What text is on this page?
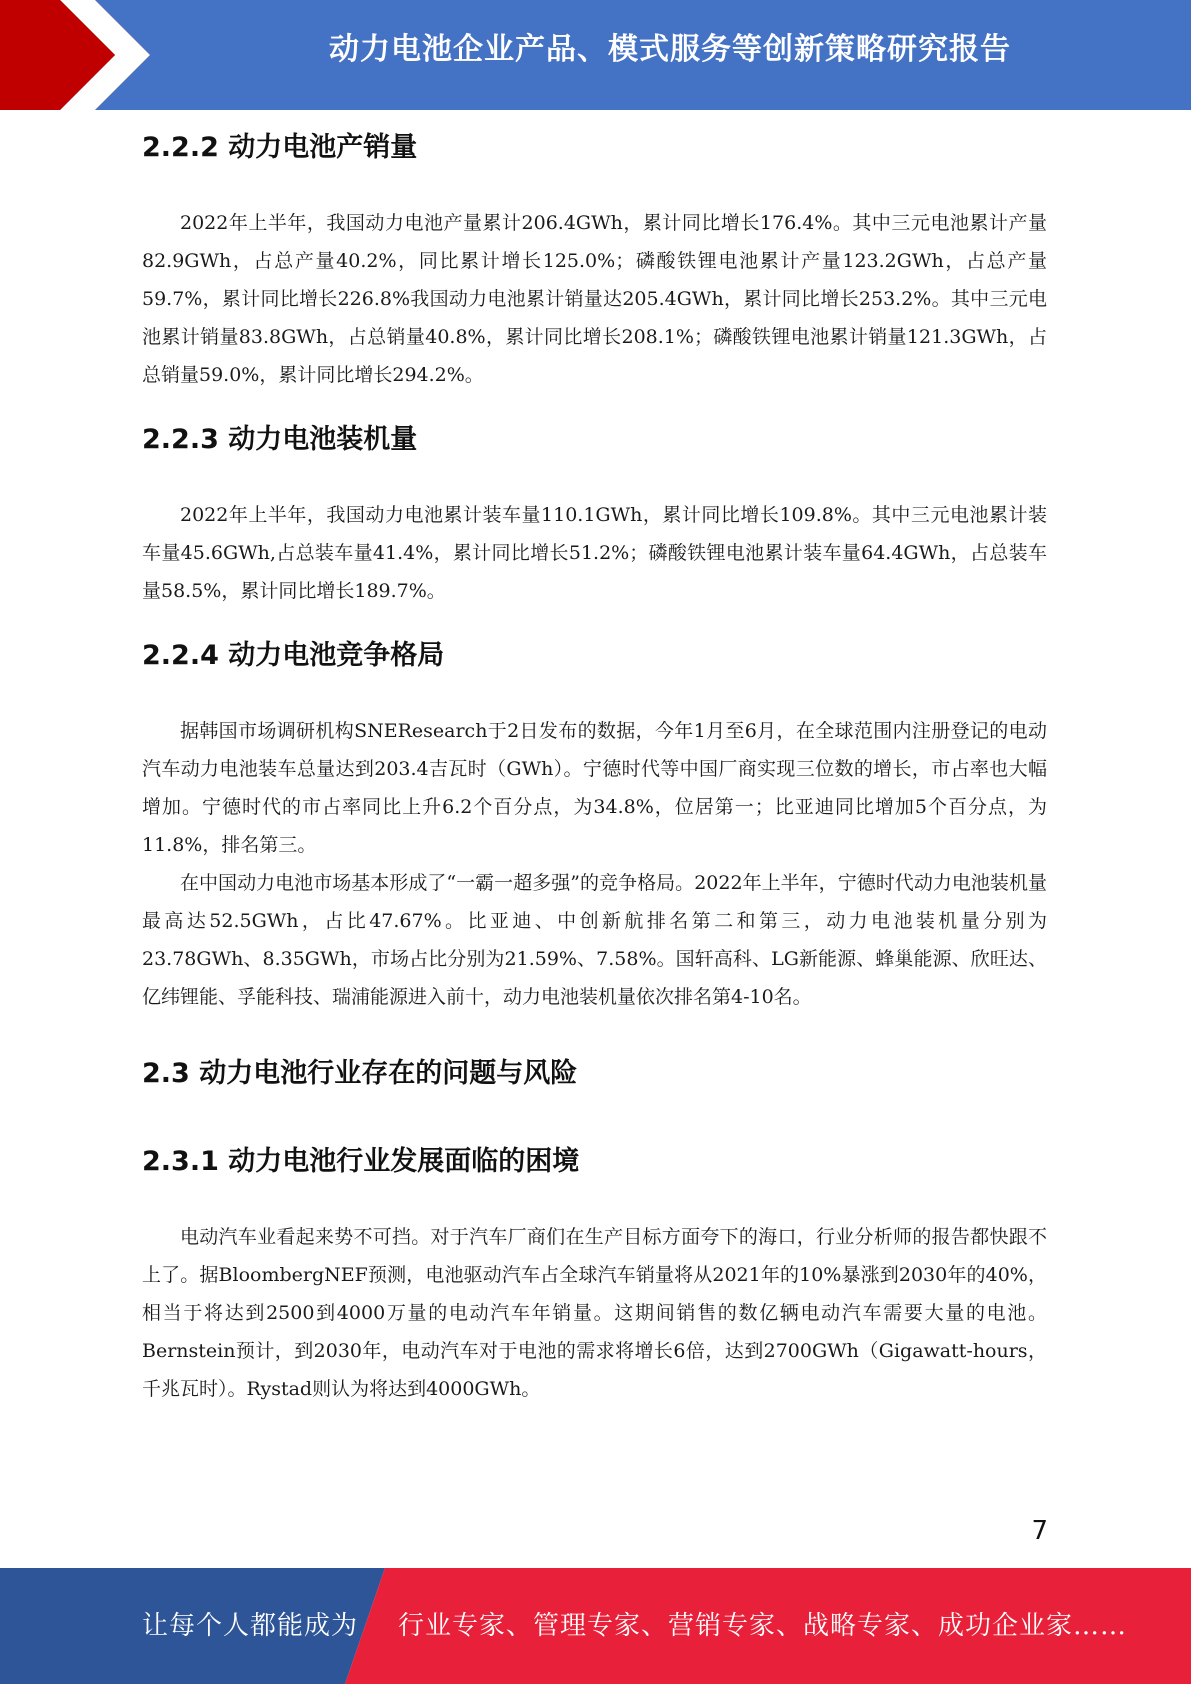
动力电池企业产品、模式服务等创新策略研究报告
2.2.2 动力电池产销量

2022年上半年，我国动力电池产量累计206.4GWh，累计同比增长176.4%。其中三元电池累计产量82.9GWh，占总产量40.2%，同比累计增长125.0%；磷酸铁锂电池累计产量123.2GWh，占总产量59.7%，累计同比增长226.8%我国动力电池累计销量达205.4GWh，累计同比增长253.2%。其中三元电池累计销量83.8GWh，占总销量40.8%，累计同比增长208.1%；磷酸铁锂电池累计销量121.3GWh，占总销量59.0%，累计同比增长294.2%。

2.2.3 动力电池装机量

2022年上半年，我国动力电池累计装车量110.1GWh，累计同比增长109.8%。其中三元电池累计装车量45.6GWh,占总装车量41.4%，累计同比增长51.2%；磷酸铁锂电池累计装车量64.4GWh，占总装车量58.5%，累计同比增长189.7%。

2.2.4 动力电池竞争格局

据韩国市场调研机构SNEResearch于2日发布的数据，今年1月至6月，在全球范围内注册登记的电动汽车动力电池装车总量达到203.4吉瓦时（GWh）。宁德时代等中国厂商实现三位数的增长，市占率也大幅增加。宁德时代的市占率同比上升6.2个百分点，为34.8%，位居第一；比亚迪同比增加5个百分点，为11.8%，排名第三。

在中国动力电池市场基本形成了“一霸一超多强”的竞争格局。2022年上半年，宁德时代动力电池装机量最高达52.5GWh，占比47.67%。比亚迪、中创新航排名第二和第三，动力电池装机量分别为23.78GWh、8.35GWh，市场占比分别为21.59%、7.58%。国轩高科、LG新能源、蜂巢能源、欣旺达、亿纬锂能、孚能科技、瑞浦能源进入前十，动力电池装机量依次排名第4-10名。

2.3 动力电池行业存在的问题与风险
2.3.1 动力电池行业发展面临的困境

电动汽车业看起来势不可挡。对于汽车厂商们在生产目标方面夸下的海口，行业分析师的报告都快跟不上了。据BloombergNEF预测，电池驱动汽车占全球汽车销量将从2021年的10%暴涨到2030年的40%，相当于将达到2500到4000万量的电动汽车年销量。这期间销售的数亿辆电动汽车需要大量的电池。 Bernstein预计，到2030年，电动汽车对于电池的需求将增长6倍，达到2700GWh（Gigawatt-hours，千兆瓦时）。Rystad则认为将达到4000GWh。

7
让每个人都能成为 行业专家、管理专家、营销专家、战略专家、成功企业家……
